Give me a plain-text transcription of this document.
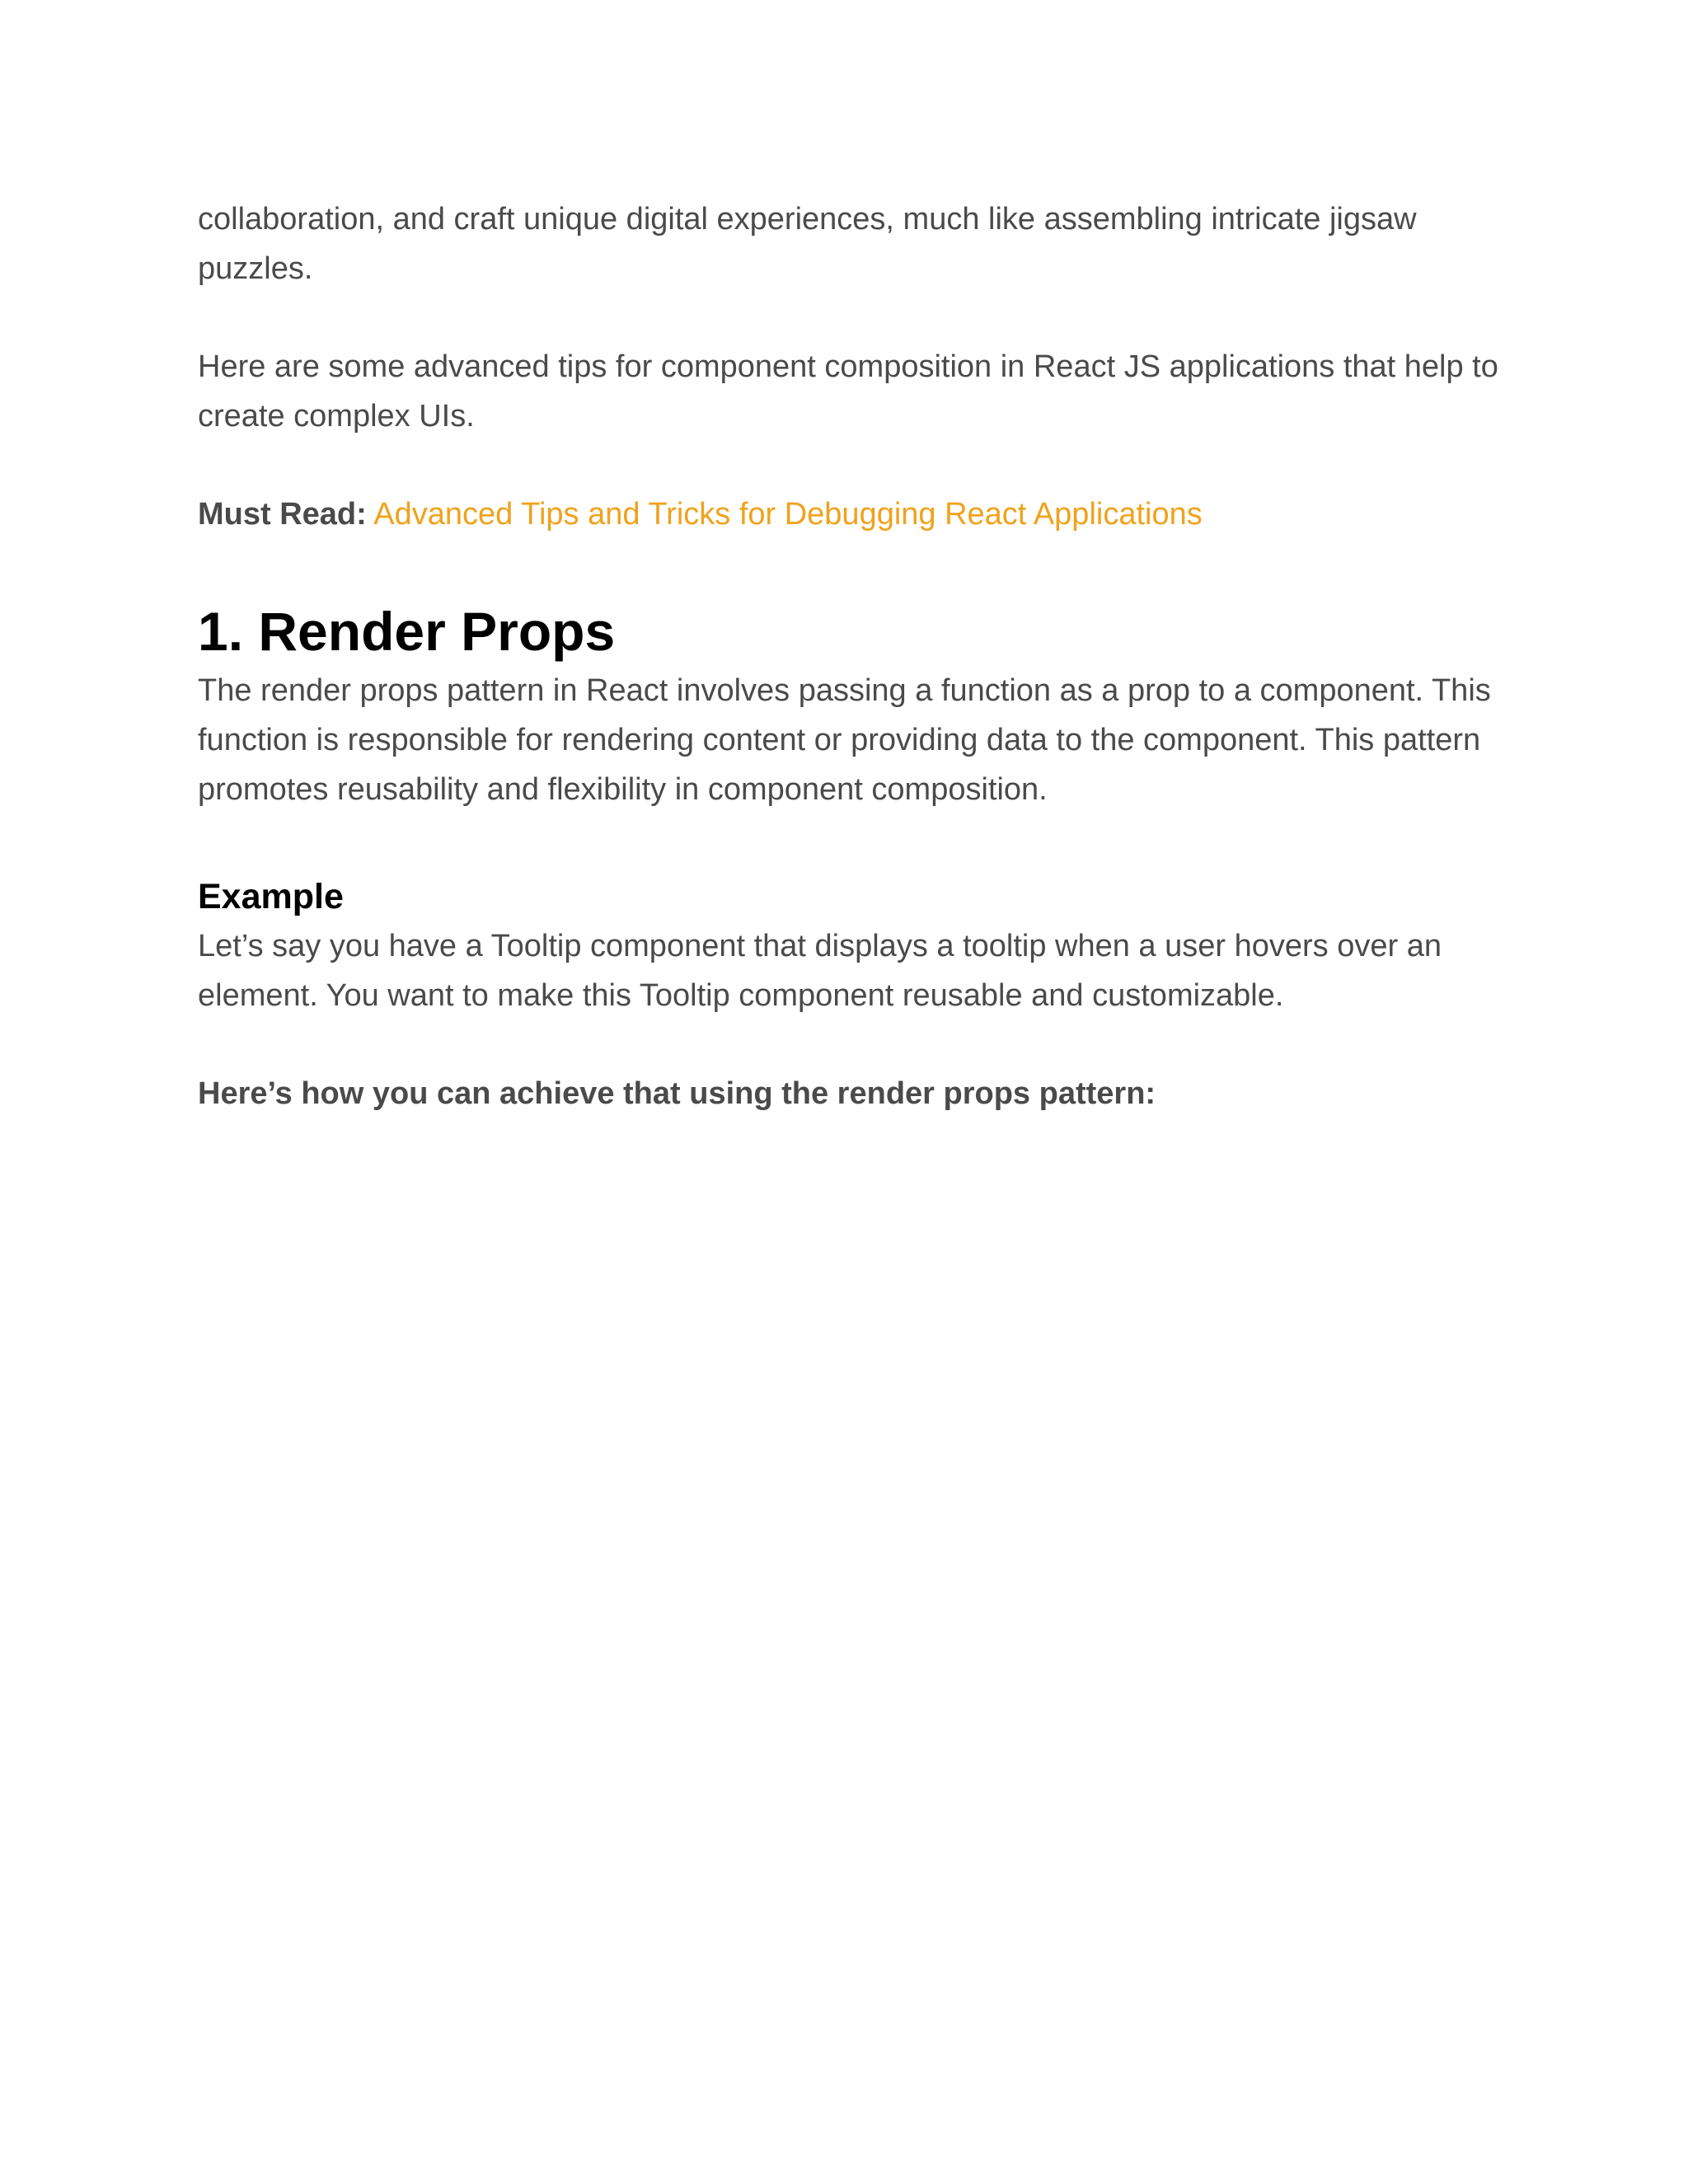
collaboration, and craft unique digital experiences, much like assembling intricate jigsaw puzzles.

Here are some advanced tips for component composition in React JS applications that help to create complex UIs.

Must Read: Advanced Tips and Tricks for Debugging React Applications

1. Render Props

The render props pattern in React involves passing a function as a prop to a component. This function is responsible for rendering content or providing data to the component. This pattern promotes reusability and flexibility in component composition.

Example

Let’s say you have a Tooltip component that displays a tooltip when a user hovers over an element. You want to make this Tooltip component reusable and customizable.

Here’s how you can achieve that using the render props pattern:
